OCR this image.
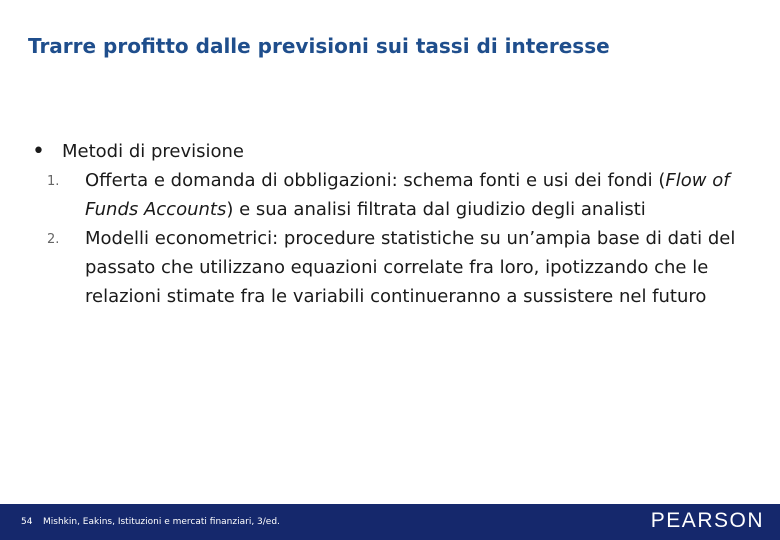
Trarre profitto dalle previsioni sui tassi di interesse
• Metodi di previsione
1. Offerta e domanda di obbligazioni: schema fonti e usi dei fondi (Flow of Funds Accounts) e sua analisi filtrata dal giudizio degli analisti
2. Modelli econometrici: procedure statistiche su un’ampia base di dati del passato che utilizzano equazioni correlate fra loro, ipotizzando che le relazioni stimate fra le variabili continueranno a sussistere nel futuro
54 Mishkin, Eakins, Istituzioni e mercati finanziari, 3/ed.	PEARSON
